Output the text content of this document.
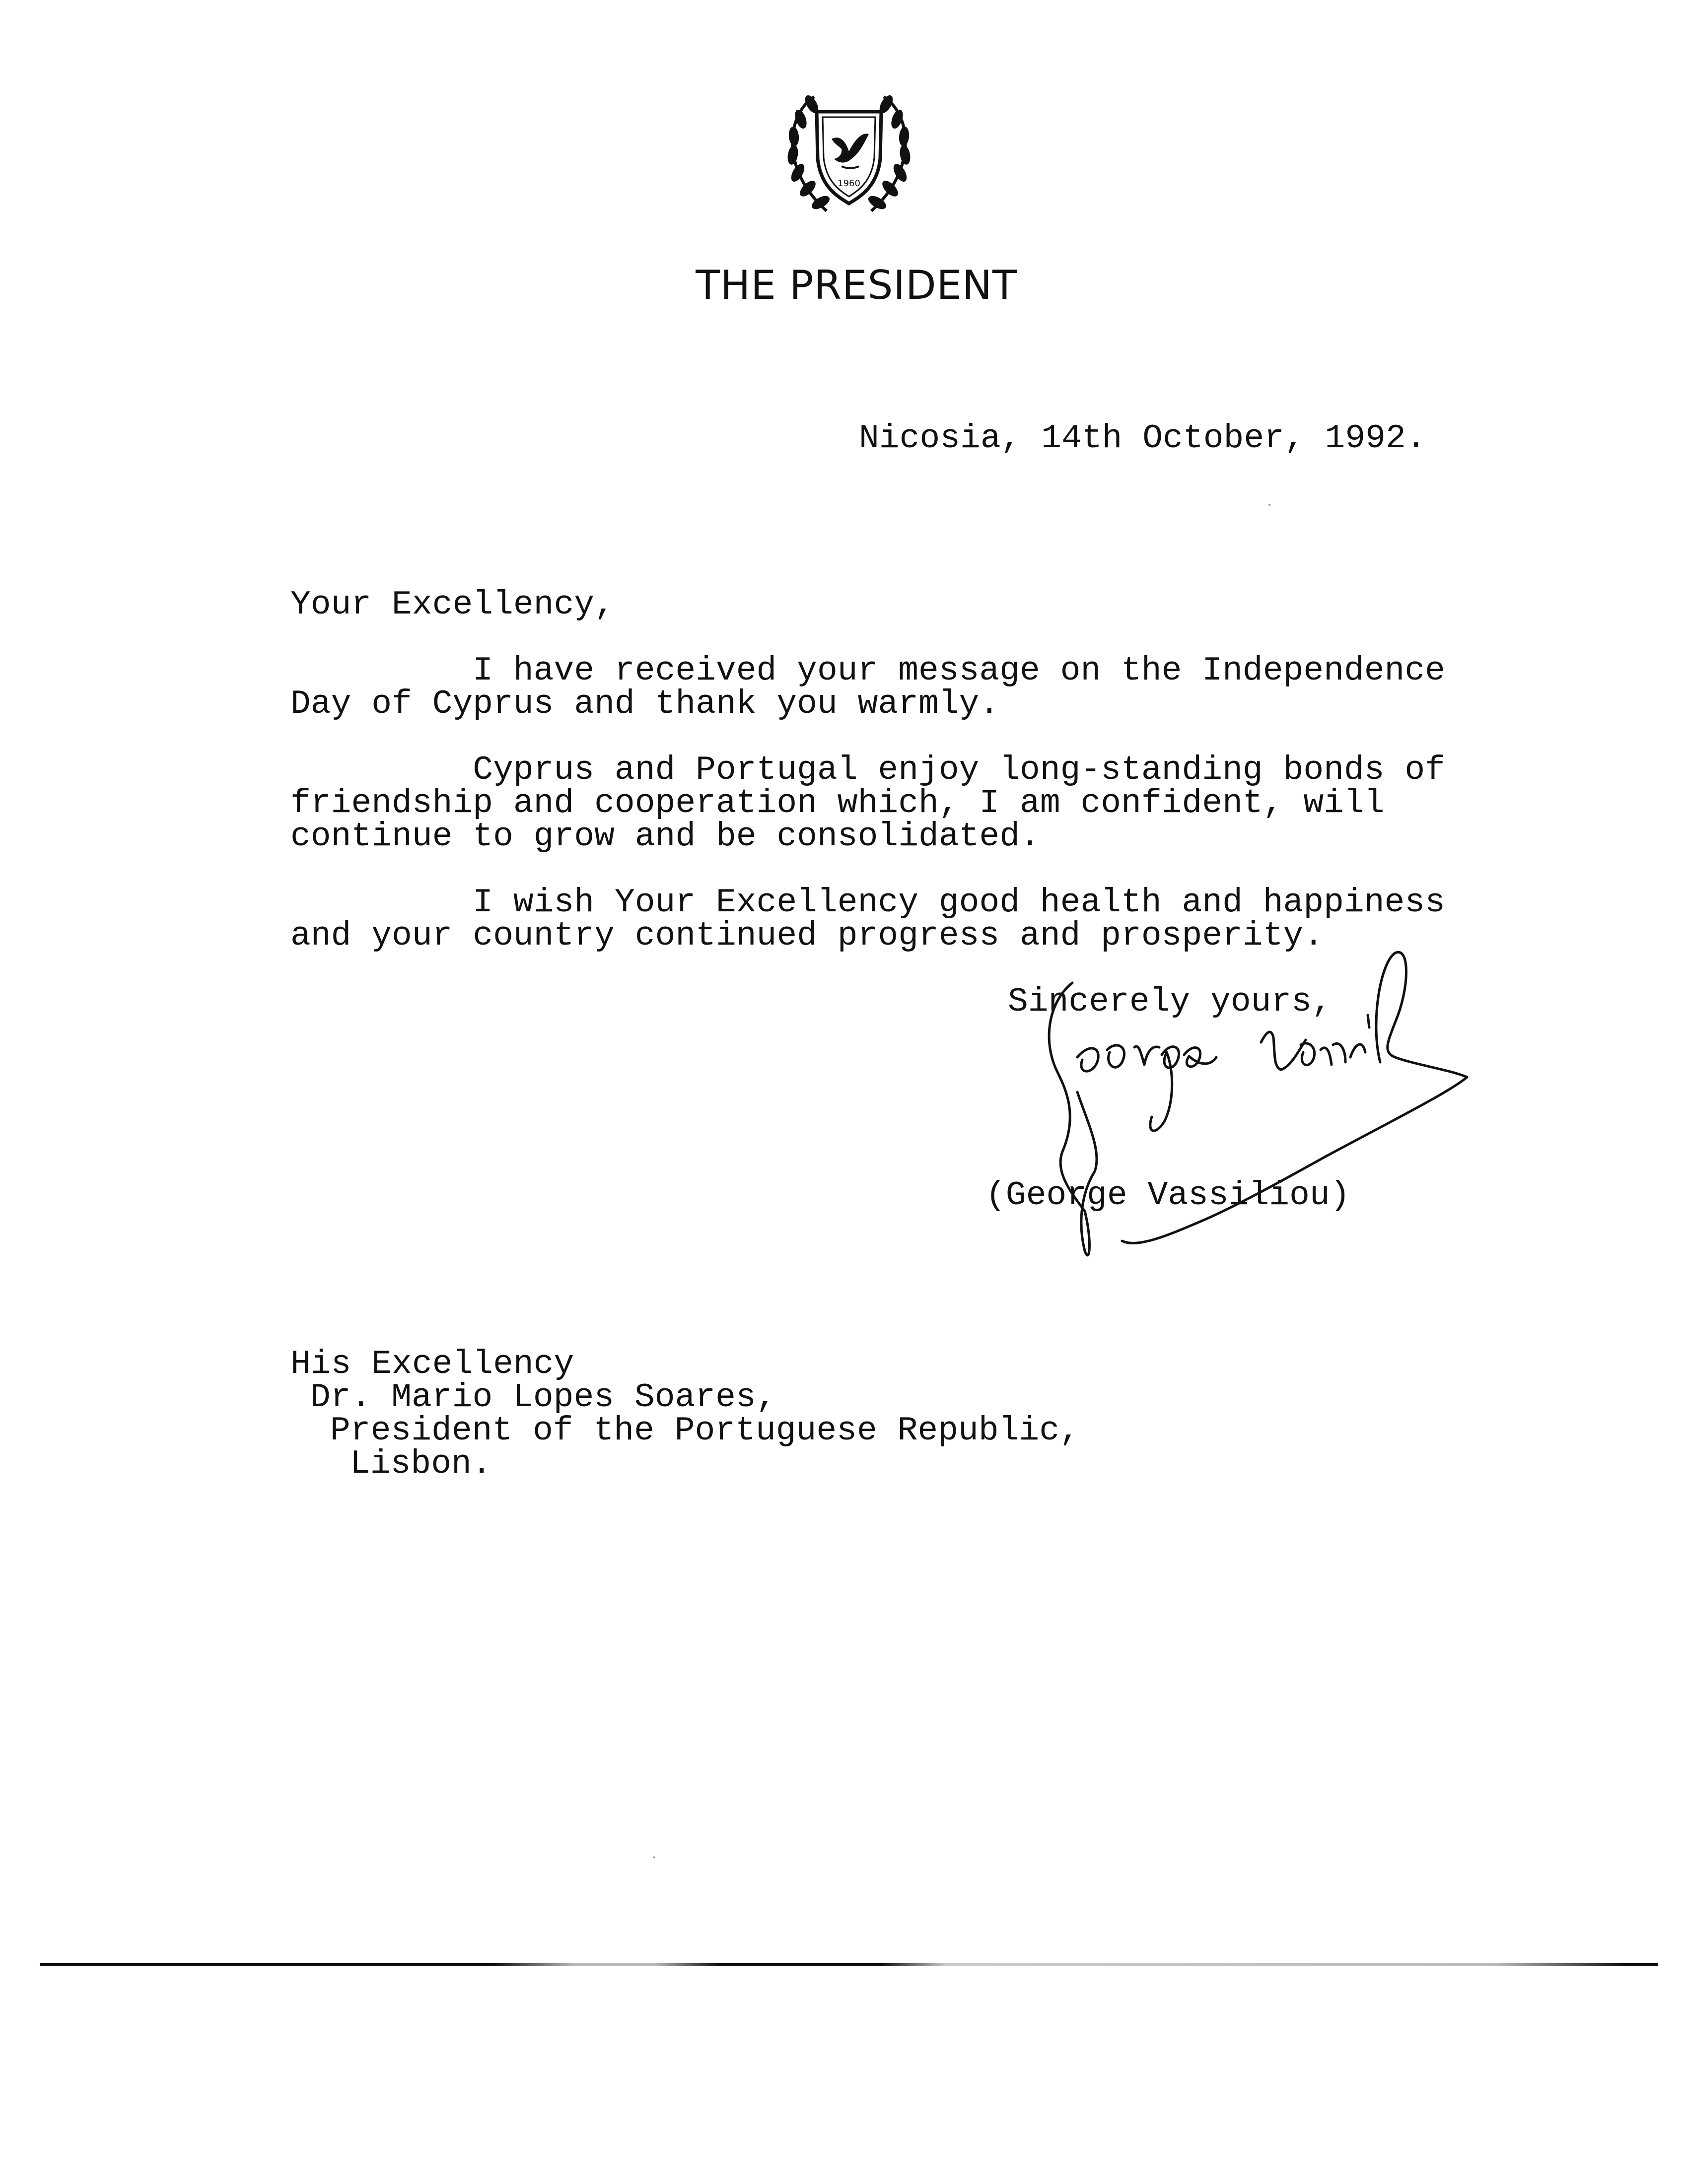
1960
THE PRESIDENT
Nicosia, 14th October, 1992.
Your Excellency,
I have received your message on the Independence
Day of Cyprus and thank you warmly.
Cyprus and Portugal enjoy long-standing bonds of
friendship and cooperation which, I am confident, will
continue to grow and be consolidated.
I wish Your Excellency good health and happiness
and your country continued progress and prosperity.
Sincerely yours,
(George Vassiliou)
His Excellency
Dr. Mario Lopes Soares,
President of the Portuguese Republic,
Lisbon.
